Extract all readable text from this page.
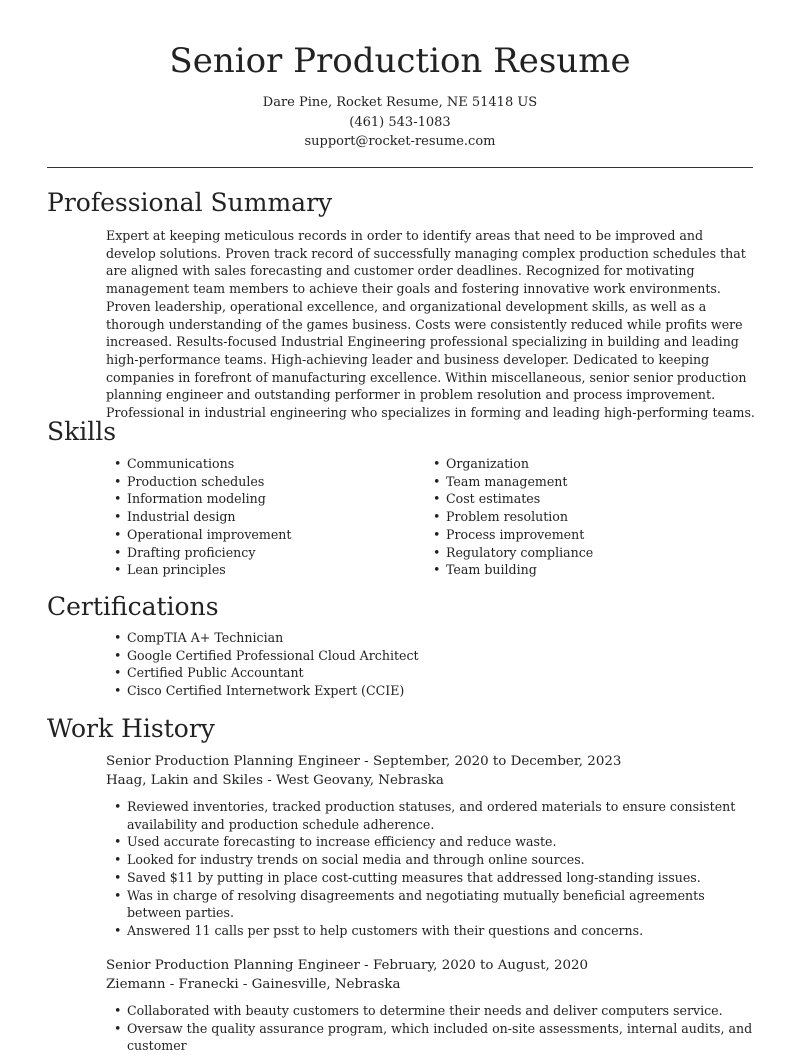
Senior Production Resume
Dare Pine, Rocket Resume, NE 51418 US
(461) 543-1083
support@rocket-resume.com
Professional Summary

Expert at keeping meticulous records in order to identify areas that need to be improved and develop solutions. Proven track record of successfully managing complex production schedules that are aligned with sales forecasting and customer order deadlines. Recognized for motivating management team members to achieve their goals and fostering innovative work environments. Proven leadership, operational excellence, and organizational development skills, as well as a thorough understanding of the games business. Costs were consistently reduced while profits were increased. Results-focused Industrial Engineering professional specializing in building and leading high-performance teams. High-achieving leader and business developer. Dedicated to keeping companies in forefront of manufacturing excellence. Within miscellaneous, senior senior production planning engineer and outstanding performer in problem resolution and process improvement. Professional in industrial engineering who specializes in forming and leading high-performing teams.

Skills
• Communications
• Production schedules
• Information modeling
• Industrial design
• Operational improvement
• Drafting proficiency
• Lean principles
• Organization
• Team management
• Cost estimates
• Problem resolution
• Process improvement
• Regulatory compliance
• Team building
Certifications
• CompTIA A+ Technician
• Google Certified Professional Cloud Architect
• Certified Public Accountant
• Cisco Certified Internetwork Expert (CCIE)
Work History
Senior Production Planning Engineer - September, 2020 to December, 2023
Haag, Lakin and Skiles - West Geovany, Nebraska
• Reviewed inventories, tracked production statuses, and ordered materials to ensure consistent availability and production schedule adherence.
• Used accurate forecasting to increase efficiency and reduce waste.
• Looked for industry trends on social media and through online sources.
• Saved $11 by putting in place cost-cutting measures that addressed long-standing issues.
• Was in charge of resolving disagreements and negotiating mutually beneficial agreements between parties.
• Answered 11 calls per psst to help customers with their questions and concerns.
Senior Production Planning Engineer - February, 2020 to August, 2020
Ziemann - Franecki - Gainesville, Nebraska
• Collaborated with beauty customers to determine their needs and deliver computers service.
• Oversaw the quality assurance program, which included on-site assessments, internal audits, and customer
